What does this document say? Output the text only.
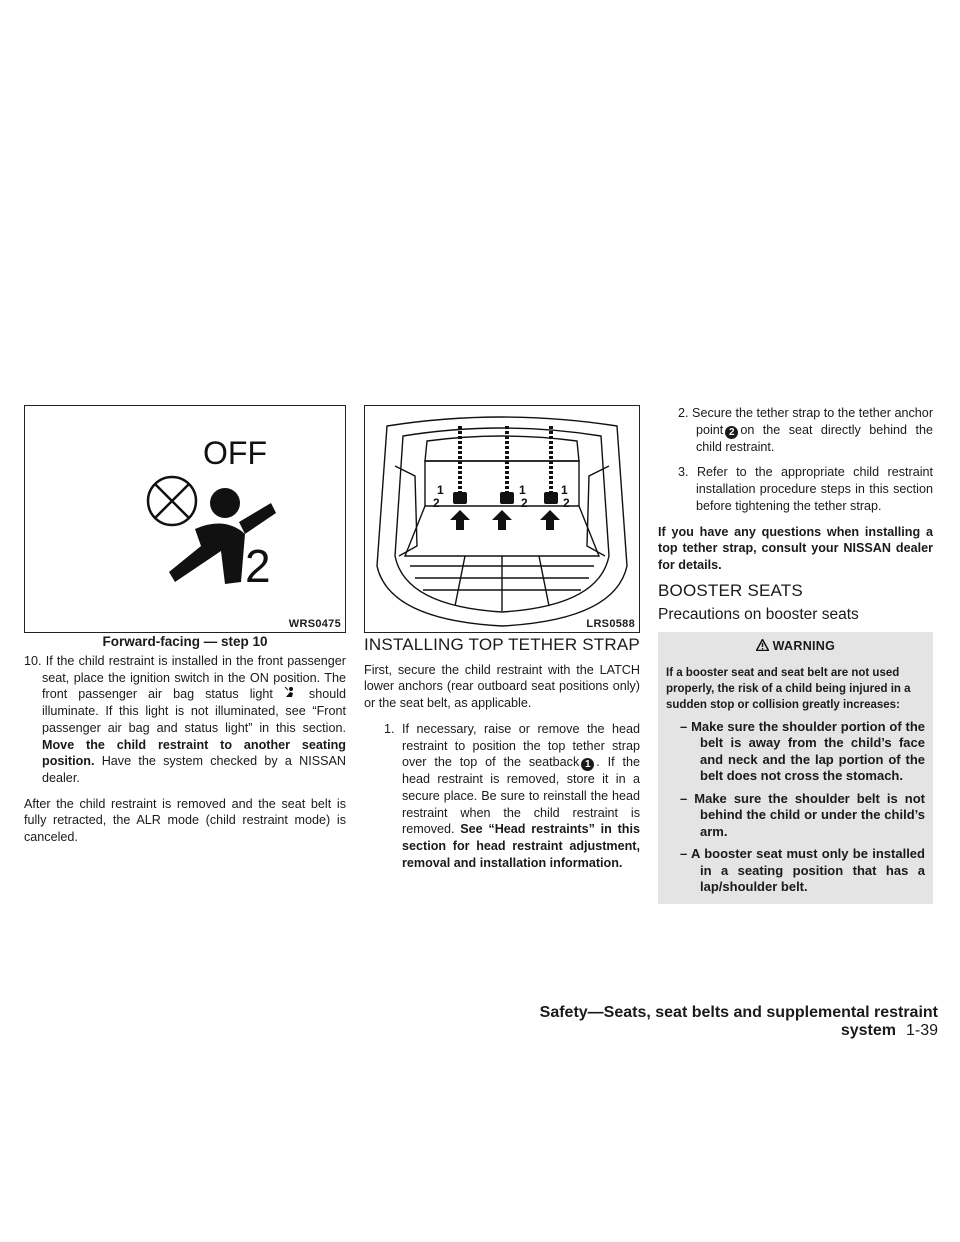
OFF
2
WRS0475
Forward-facing — step 10
1
2
1
2
1
2
LRS0588

10. If the child restraint is installed in the front passenger seat, place the ignition switch in the ON position. The front passenger air bag status light	should illuminate. If this light is not illuminated, see “Front passenger air bag and status light” in this section. Move the child restraint to another seating position. Have the system checked by a NISSAN dealer.

After the child restraint is removed and the seat belt is fully retracted, the ALR mode (child restraint mode) is canceled.

INSTALLING TOP TETHER STRAP

First, secure the child restraint with the LATCH lower anchors (rear outboard seat positions only) or the seat belt, as applicable.

1. If necessary, raise or remove the head restraint to position the top tether strap over the top of the seatback 1 . If the head restraint is removed, store it in a secure place. Be sure to reinstall the head restraint when the child restraint is removed. See “Head restraints” in this section for head restraint adjustment, removal and installation information.

2. Secure the tether strap to the tether anchor point 2 on the seat directly behind the child restraint.

3. Refer to the appropriate child restraint installation procedure steps in this section before tightening the tether strap.

If you have any questions when installing a top tether strap, consult your NISSAN dealer for details.

BOOSTER SEATS
Precautions on booster seats
WARNING
If a booster seat and seat belt are not used properly, the risk of a child being injured in a sudden stop or collision greatly increases:
– Make sure the shoulder portion of the belt is away from the child’s face and neck and the lap portion of the belt does not cross the stomach.
– Make sure the shoulder belt is not behind the child or under the child’s arm.
– A booster seat must only be installed in a seating position that has a lap/shoulder belt.
Safety—Seats, seat belts and supplemental restraint system 1-39
